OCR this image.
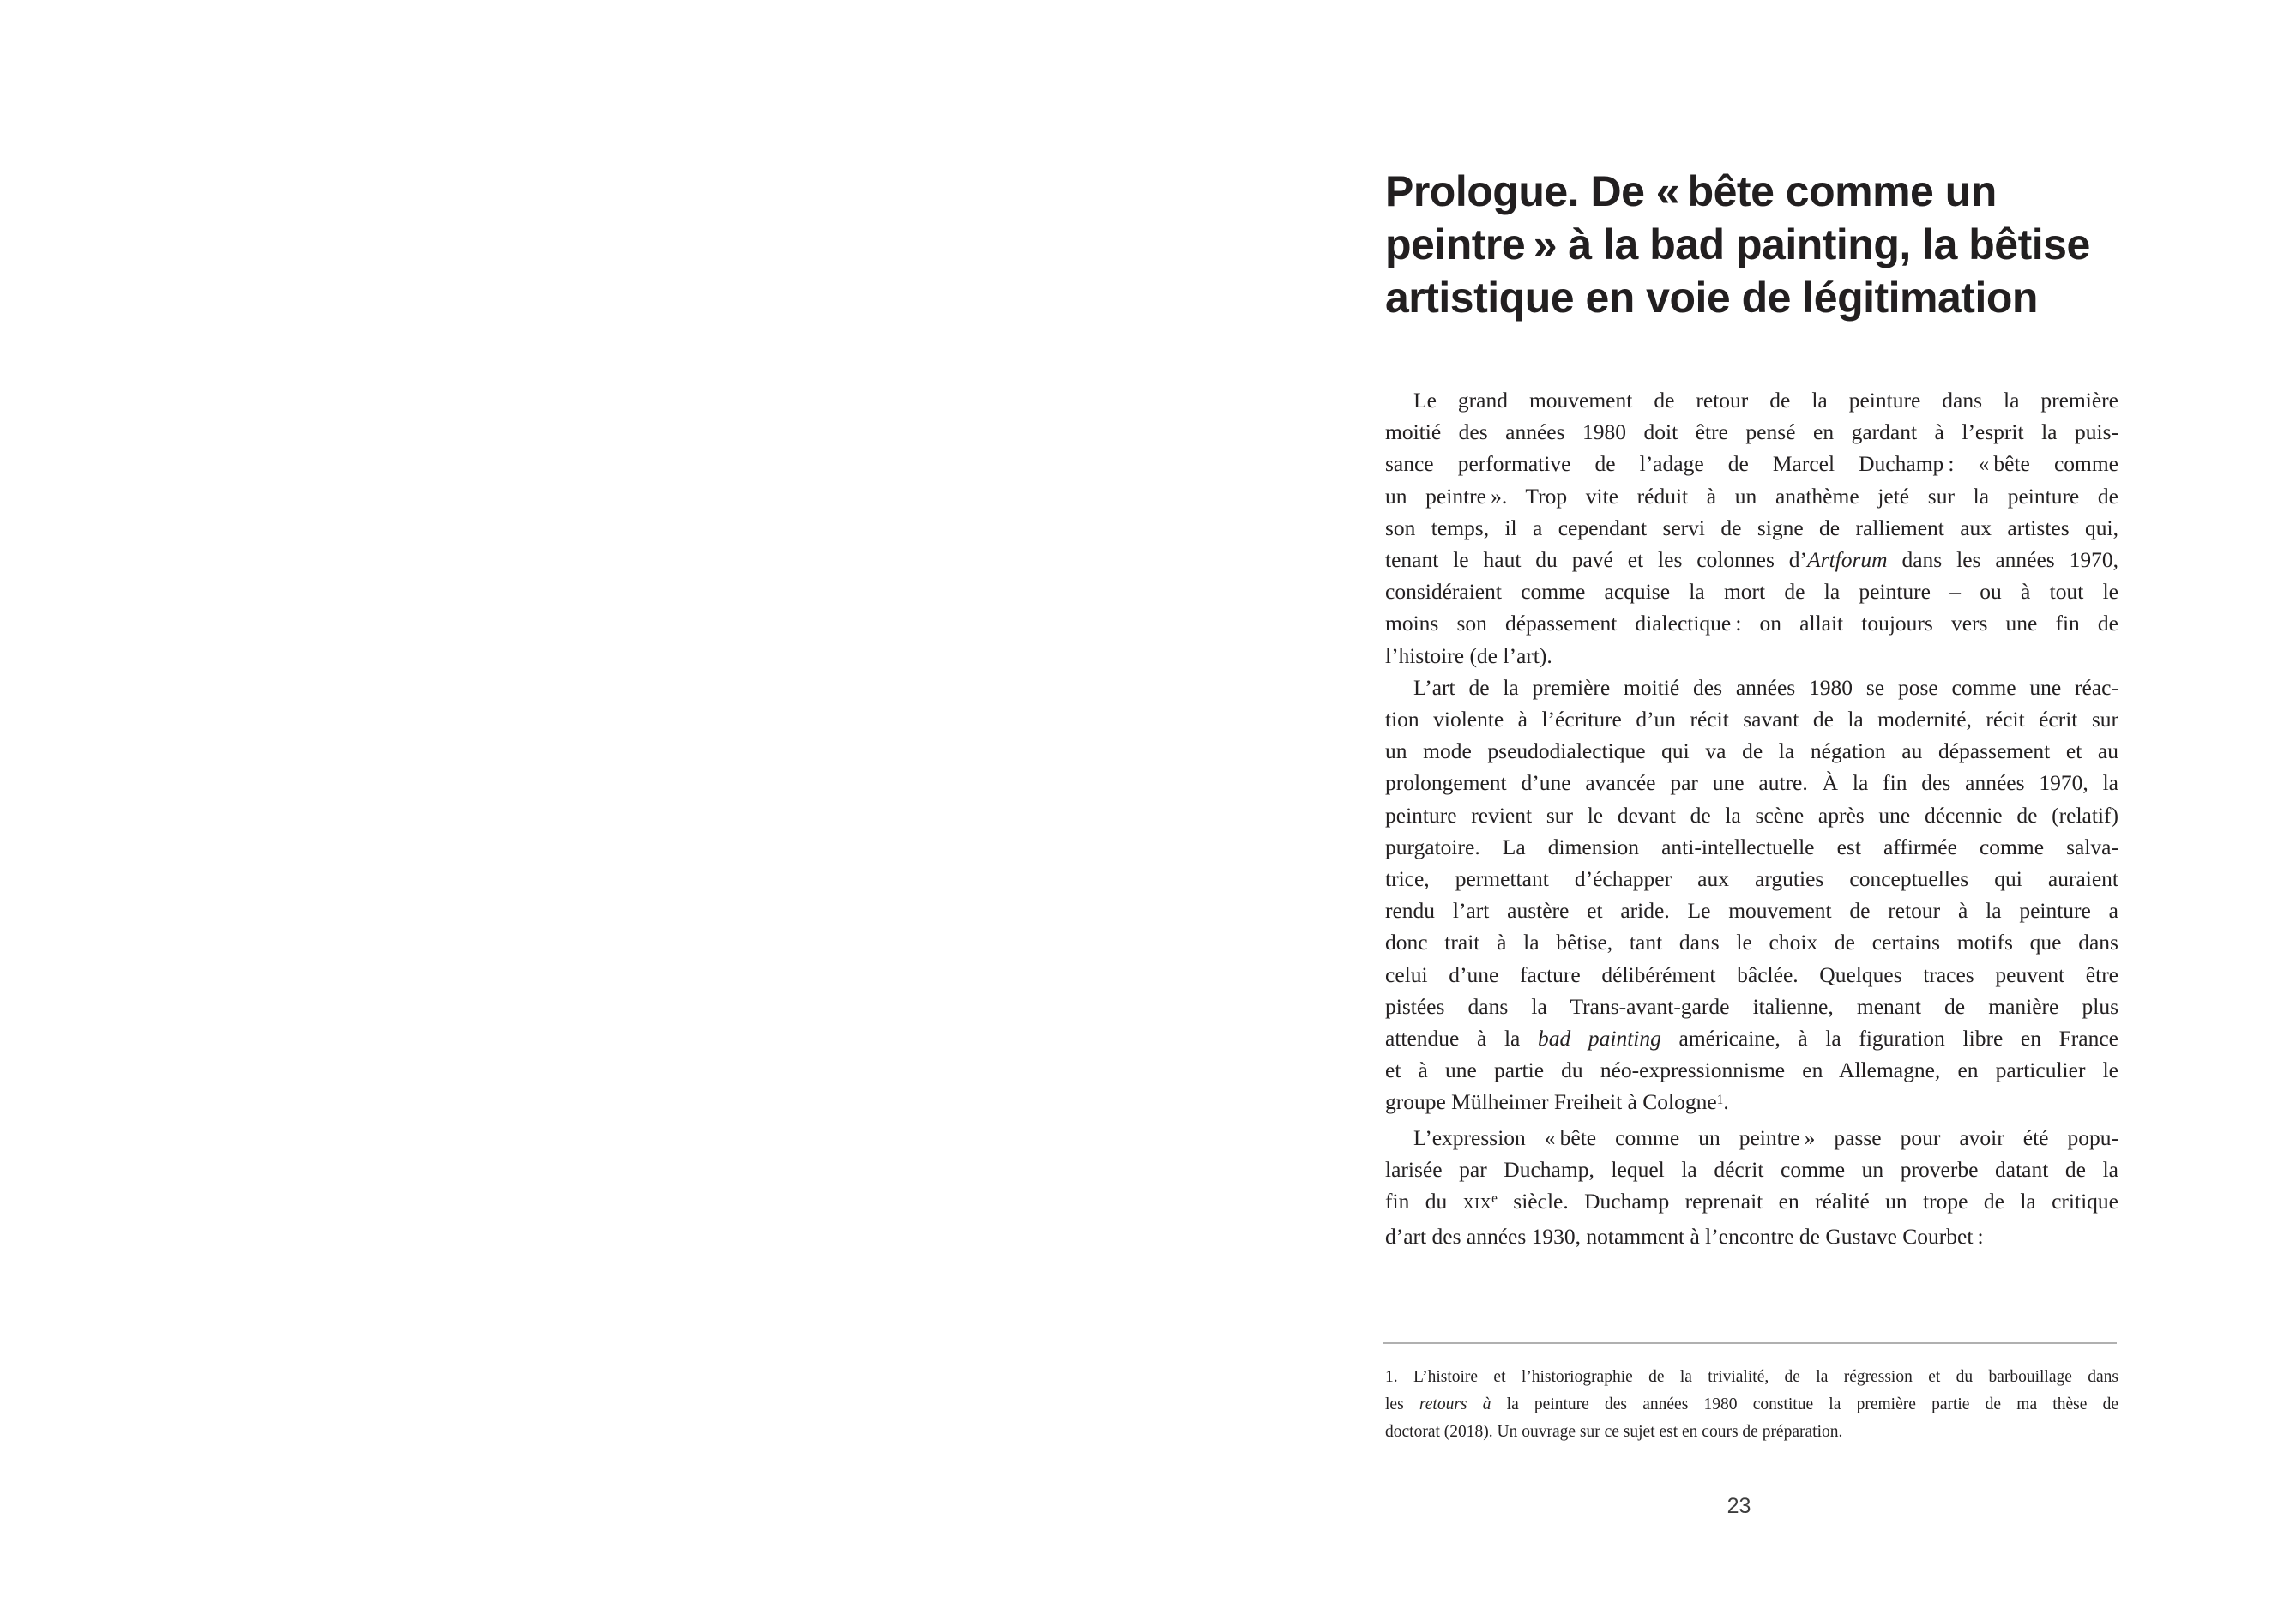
Prologue. De « bête comme un
peintre » à la bad painting, la bêtise
artistique en voie de légitimation
Le grand mouvement de retour de la peinture dans la première
moitié des années 1980 doit être pensé en gardant à l’esprit la puis-
sance performative de l’adage de Marcel Duchamp : « bête comme
un peintre ». Trop vite réduit à un anathème jeté sur la peinture de
son temps, il a cependant servi de signe de ralliement aux artistes qui,
tenant le haut du pavé et les colonnes d’Artforum dans les années 1970,
considéraient comme acquise la mort de la peinture – ou à tout le
moins son dépassement dialectique : on allait toujours vers une fin de
l’histoire (de l’art).
L’art de la première moitié des années 1980 se pose comme une réac-
tion violente à l’écriture d’un récit savant de la modernité, récit écrit sur
un mode pseudodialectique qui va de la négation au dépassement et au
prolongement d’une avancée par une autre. À la fin des années 1970, la
peinture revient sur le devant de la scène après une décennie de (relatif)
purgatoire. La dimension anti-intellectuelle est affirmée comme salva-
trice, permettant d’échapper aux arguties conceptuelles qui auraient
rendu l’art austère et aride. Le mouvement de retour à la peinture a
donc trait à la bêtise, tant dans le choix de certains motifs que dans
celui d’une facture délibérément bâclée. Quelques traces peuvent être
pistées dans la Trans-avant-garde italienne, menant de manière plus
attendue à la bad painting américaine, à la figuration libre en France
et à une partie du néo-expressionnisme en Allemagne, en particulier le
groupe Mülheimer Freiheit à Cologne$^1$.
L’expression « bête comme un peintre » passe pour avoir été popu-
larisée par Duchamp, lequel la décrit comme un proverbe datant de la
fin du xix$^e$ siècle. Duchamp reprenait en réalité un trope de la critique
d’art des années 1930, notamment à l’encontre de Gustave Courbet :
1. L’histoire et l’historiographie de la trivialité, de la régression et du barbouillage dans
les retours à la peinture des années 1980 constitue la première partie de ma thèse de
doctorat (2018). Un ouvrage sur ce sujet est en cours de préparation.
23
